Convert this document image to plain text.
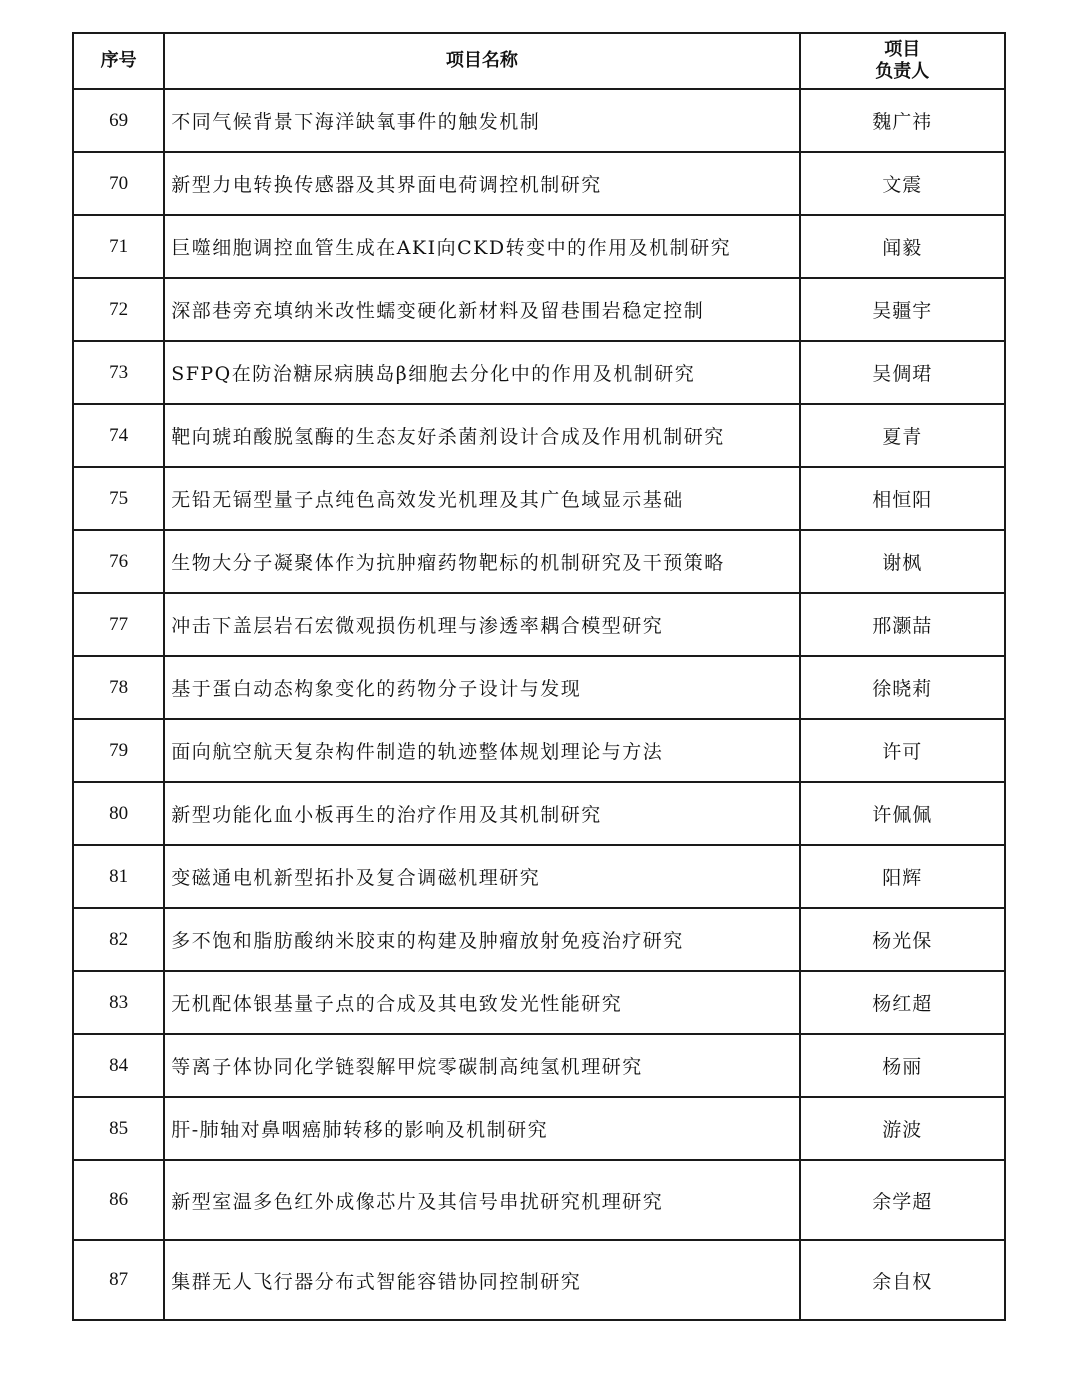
序号	项目名称	项目
负责人

69	不同气候背景下海洋缺氧事件的触发机制	魏广祎
70	新型力电转换传感器及其界面电荷调控机制研究	文震
71	巨噬细胞调控血管生成在AKI向CKD转变中的作用及机制研究	闻毅
72	深部巷旁充填纳米改性蠕变硬化新材料及留巷围岩稳定控制	吴疆宇
73	SFPQ在防治糖尿病胰岛β细胞去分化中的作用及机制研究	吴倜珺
74	靶向琥珀酸脱氢酶的生态友好杀菌剂设计合成及作用机制研究	夏青
75	无铅无镉型量子点纯色高效发光机理及其广色域显示基础	相恒阳
76	生物大分子凝聚体作为抗肿瘤药物靶标的机制研究及干预策略	谢枫
77	冲击下盖层岩石宏微观损伤机理与渗透率耦合模型研究	邢灏喆
78	基于蛋白动态构象变化的药物分子设计与发现	徐晓莉
79	面向航空航天复杂构件制造的轨迹整体规划理论与方法	许可
80	新型功能化血小板再生的治疗作用及其机制研究	许佩佩
81	变磁通电机新型拓扑及复合调磁机理研究	阳辉
82	多不饱和脂肪酸纳米胶束的构建及肿瘤放射免疫治疗研究	杨光保
83	无机配体银基量子点的合成及其电致发光性能研究	杨红超
84	等离子体协同化学链裂解甲烷零碳制高纯氢机理研究	杨丽
85	肝-肺轴对鼻咽癌肺转移的影响及机制研究	游波
86	新型室温多色红外成像芯片及其信号串扰研究机理研究	余学超
87	集群无人飞行器分布式智能容错协同控制研究	余自权
